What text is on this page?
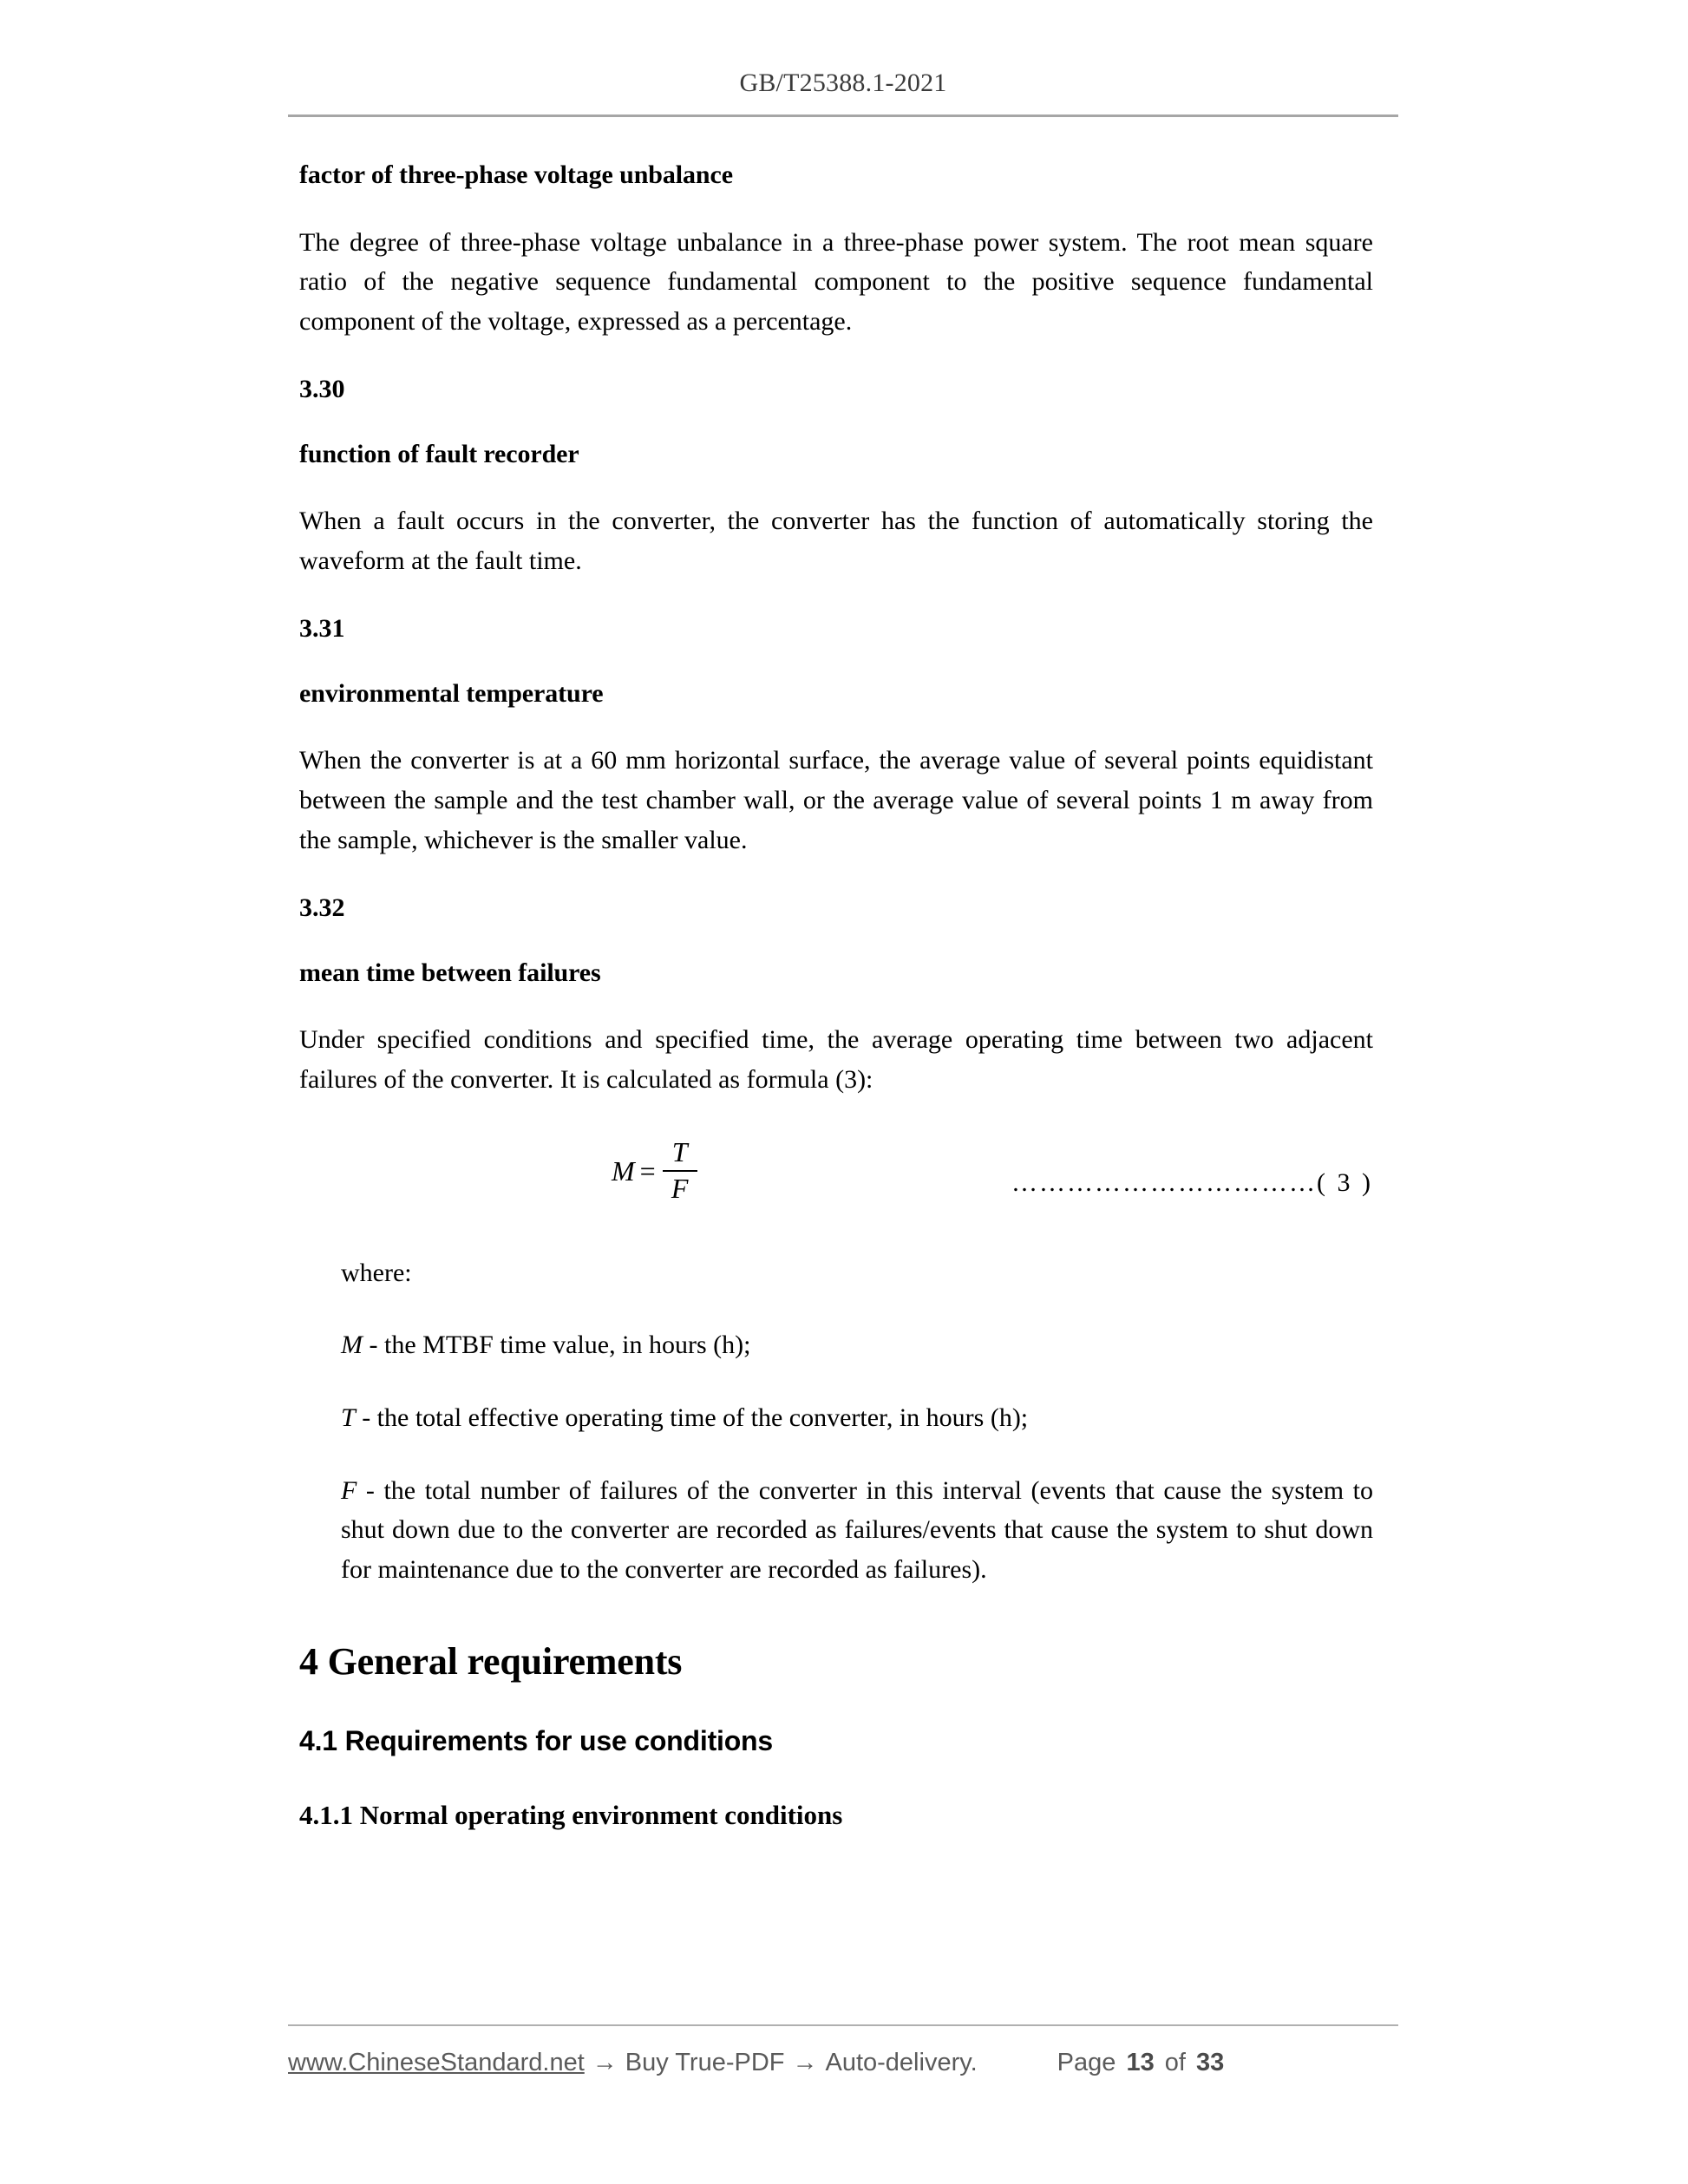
GB/T25388.1-2021

factor of three-phase voltage unbalance

The degree of three-phase voltage unbalance in a three-phase power system. The root mean square ratio of the negative sequence fundamental component to the positive sequence fundamental component of the voltage, expressed as a percentage.

3.30

function of fault recorder

When a fault occurs in the converter, the converter has the function of automatically storing the waveform at the fault time.

3.31

environmental temperature

When the converter is at a 60 mm horizontal surface, the average value of several points equidistant between the sample and the test chamber wall, or the average value of several points 1 m away from the sample, whichever is the smaller value.

3.32

mean time between failures

Under specified conditions and specified time, the average operating time between two adjacent failures of the converter. It is calculated as formula (3):

$M = \frac{T}{F}$	……………………………( 3 )

where:

M - the MTBF time value, in hours (h);

T - the total effective operating time of the converter, in hours (h);

F - the total number of failures of the converter in this interval (events that cause the system to shut down due to the converter are recorded as failures/events that cause the system to shut down for maintenance due to the converter are recorded as failures).

4 General requirements
4.1 Requirements for use conditions
4.1.1 Normal operating environment conditions
www.ChineseStandard.net → Buy True-PDF → Auto-delivery.	Page 13 of 33
